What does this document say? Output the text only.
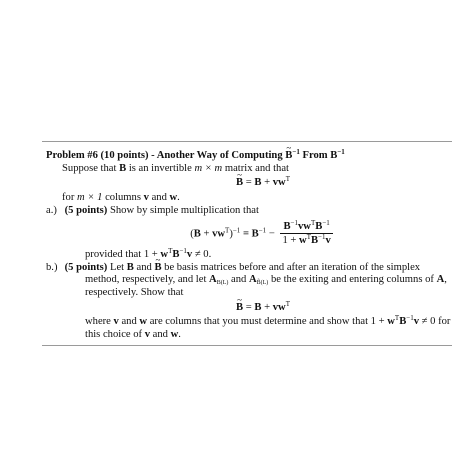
Problem #6 (10 points) - Another Way of Computing ~ $B^{-1}$ From $B^{-1}$
Suppose that B is an invertible m × m matrix and that
~ $B = B + vw^T$
for m × 1 columns v and w.
a.) (5 points) Show by simple multiplication that
$(B + vw^T)^{-1} = B^{-1} - \frac{B^{-1}vw^TB^{-1}}{1 + w^TB^{-1}v}$
provided that $1 + w^TB^{-1}v \ne 0$.
b.) (5 points) Let B and ~ B be basis matrices before and after an iteration of the simplex
method, respectively, and let $A_{B(L)}$ and $A_{B̃(L)}$ be the exiting and entering columns of A,
respectively. Show that
~ $B = B + vw^T$
where v and w are columns that you must determine and show that $1 + w^TB^{-1}v \ne 0$ for
this choice of v and w.
